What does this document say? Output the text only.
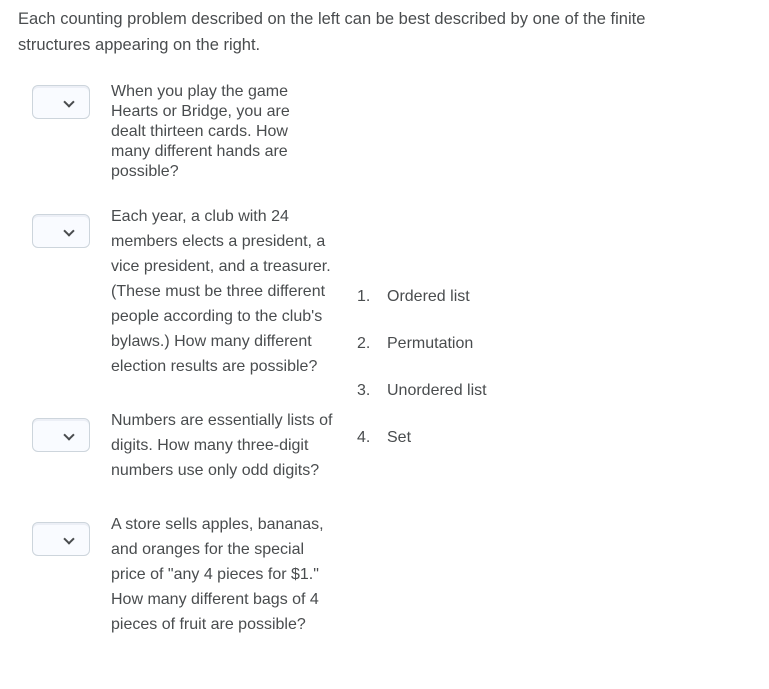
Each counting problem described on the left can be best described by one of the finite structures appearing on the right.
When you play the game Hearts or Bridge, you are dealt thirteen cards. How many different hands are possible?
Each year, a club with 24 members elects a president, a vice president, and a treasurer. (These must be three different people according to the club's bylaws.) How many different election results are possible?
Numbers are essentially lists of digits. How many three-digit numbers use only odd digits?
A store sells apples, bananas, and oranges for the special price of "any 4 pieces for $1." How many different bags of 4 pieces of fruit are possible?
1. Ordered list
2. Permutation
3. Unordered list
4. Set
